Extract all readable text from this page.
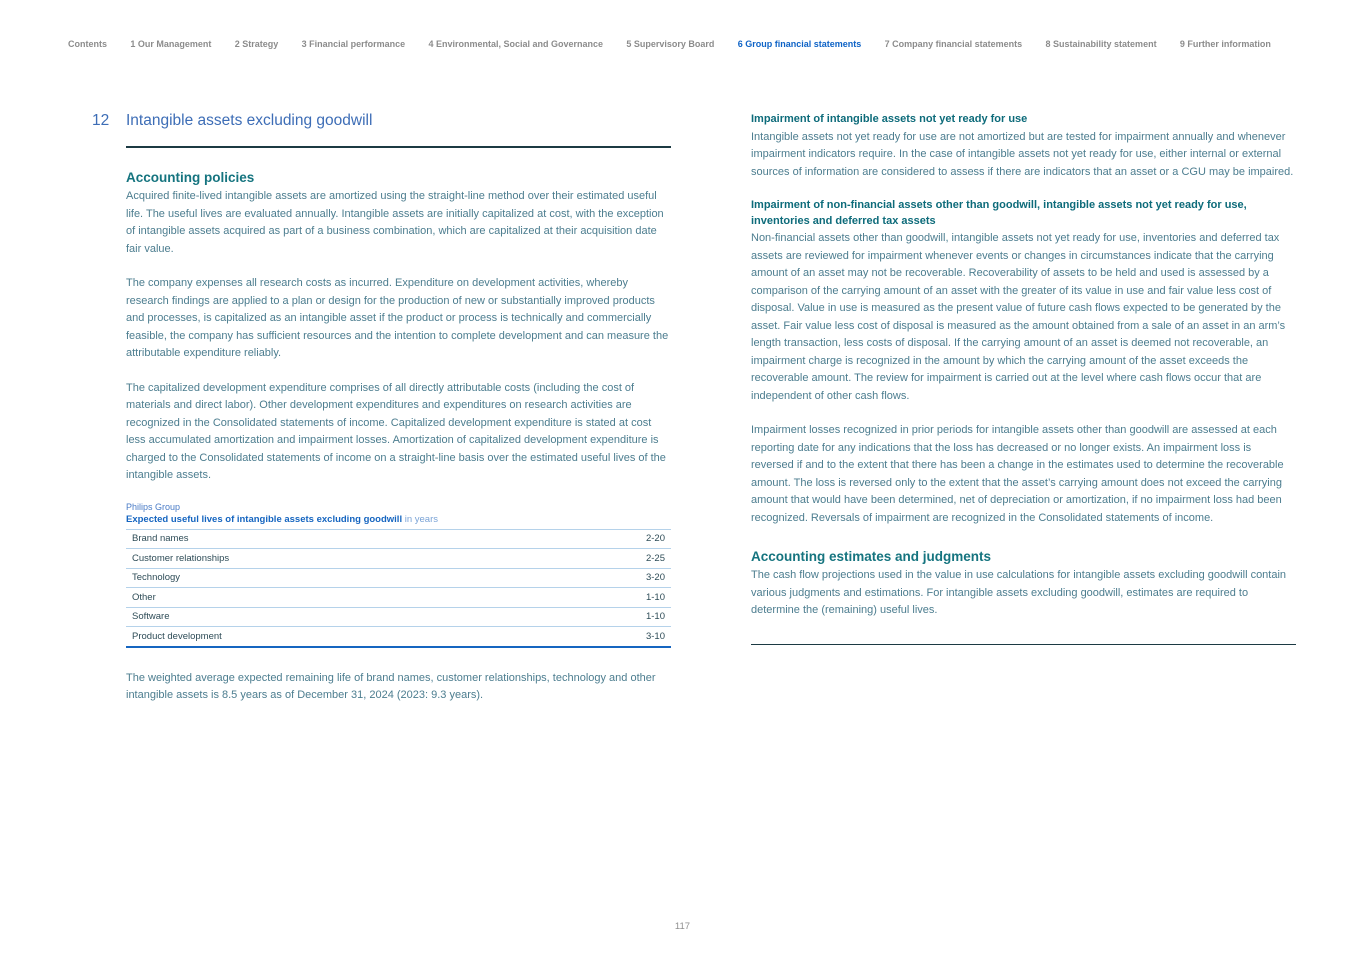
Contents	1 Our Management	2 Strategy	3 Financial performance	4 Environmental, Social and Governance	5 Supervisory Board	6 Group financial statements	7 Company financial statements	8 Sustainability statement	9 Further information
12 Intangible assets excluding goodwill
Accounting policies

Acquired finite-lived intangible assets are amortized using the straight-line method over their estimated useful life. The useful lives are evaluated annually. Intangible assets are initially capitalized at cost, with the exception of intangible assets acquired as part of a business combination, which are capitalized at their acquisition date fair value.

The company expenses all research costs as incurred. Expenditure on development activities, whereby research findings are applied to a plan or design for the production of new or substantially improved products and processes, is capitalized as an intangible asset if the product or process is technically and commercially feasible, the company has sufficient resources and the intention to complete development and can measure the attributable expenditure reliably.

The capitalized development expenditure comprises of all directly attributable costs (including the cost of materials and direct labor). Other development expenditures and expenditures on research activities are recognized in the Consolidated statements of income. Capitalized development expenditure is stated at cost less accumulated amortization and impairment losses. Amortization of capitalized development expenditure is charged to the Consolidated statements of income on a straight-line basis over the estimated useful lives of the intangible assets.

Philips Group
Expected useful lives of intangible assets excluding goodwill in years
Brand names	2-20
Customer relationships	2-25
Technology	3-20
Other	1-10
Software	1-10
Product development	3-10

The weighted average expected remaining life of brand names, customer relationships, technology and other intangible assets is 8.5 years as of December 31, 2024 (2023: 9.3 years).

Impairment of intangible assets not yet ready for use

Intangible assets not yet ready for use are not amortized but are tested for impairment annually and whenever impairment indicators require. In the case of intangible assets not yet ready for use, either internal or external sources of information are considered to assess if there are indicators that an asset or a CGU may be impaired.

Impairment of non-financial assets other than goodwill, intangible assets not yet ready for use, inventories and deferred tax assets

Non-financial assets other than goodwill, intangible assets not yet ready for use, inventories and deferred tax assets are reviewed for impairment whenever events or changes in circumstances indicate that the carrying amount of an asset may not be recoverable. Recoverability of assets to be held and used is assessed by a comparison of the carrying amount of an asset with the greater of its value in use and fair value less cost of disposal. Value in use is measured as the present value of future cash flows expected to be generated by the asset. Fair value less cost of disposal is measured as the amount obtained from a sale of an asset in an arm’s length transaction, less costs of disposal. If the carrying amount of an asset is deemed not recoverable, an impairment charge is recognized in the amount by which the carrying amount of the asset exceeds the recoverable amount. The review for impairment is carried out at the level where cash flows occur that are independent of other cash flows.

Impairment losses recognized in prior periods for intangible assets other than goodwill are assessed at each reporting date for any indications that the loss has decreased or no longer exists. An impairment loss is reversed if and to the extent that there has been a change in the estimates used to determine the recoverable amount. The loss is reversed only to the extent that the asset’s carrying amount does not exceed the carrying amount that would have been determined, net of depreciation or amortization, if no impairment loss had been recognized. Reversals of impairment are recognized in the Consolidated statements of income.

Accounting estimates and judgments

The cash flow projections used in the value in use calculations for intangible assets excluding goodwill contain various judgments and estimations. For intangible assets excluding goodwill, estimates are required to determine the (remaining) useful lives.

117
